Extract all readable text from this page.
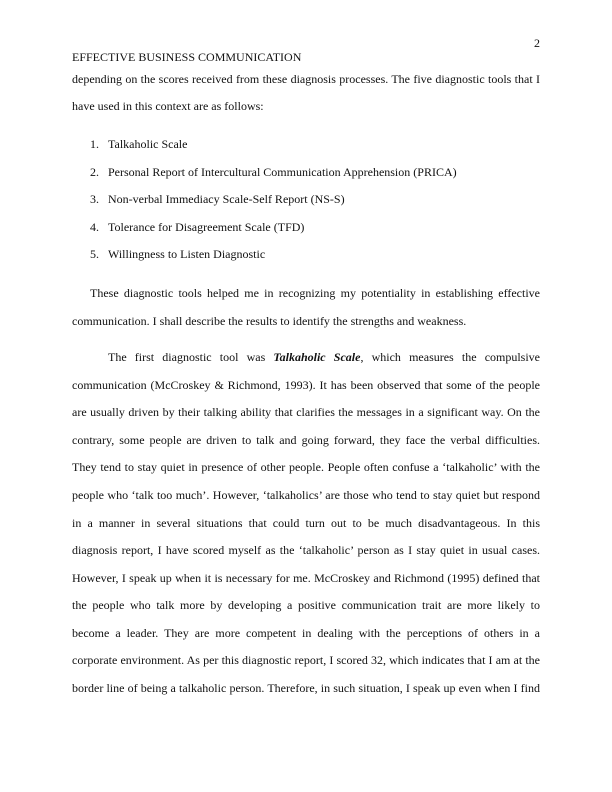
2
EFFECTIVE BUSINESS COMMUNICATION
depending on the scores received from these diagnosis processes. The five diagnostic tools that I
have used in this context are as follows:
1. Talkaholic Scale
2. Personal Report of Intercultural Communication Apprehension (PRICA)
3. Non-verbal Immediacy Scale-Self Report (NS-S)
4. Tolerance for Disagreement Scale (TFD)
5. Willingness to Listen Diagnostic
These diagnostic tools helped me in recognizing my potentiality in establishing effective
communication. I shall describe the results to identify the strengths and weakness.
The first diagnostic tool was Talkaholic Scale, which measures the compulsive
communication (McCroskey & Richmond, 1993). It has been observed that some of the people
are usually driven by their talking ability that clarifies the messages in a significant way. On the
contrary, some people are driven to talk and going forward, they face the verbal difficulties.
They tend to stay quiet in presence of other people. People often confuse a ‘talkaholic’ with the
people who ‘talk too much’. However, ‘talkaholics’ are those who tend to stay quiet but respond
in a manner in several situations that could turn out to be much disadvantageous. In this
diagnosis report, I have scored myself as the ‘talkaholic’ person as I stay quiet in usual cases.
However, I speak up when it is necessary for me. McCroskey and Richmond (1995) defined that
the people who talk more by developing a positive communication trait are more likely to
become a leader. They are more competent in dealing with the perceptions of others in a
corporate environment. As per this diagnostic report, I scored 32, which indicates that I am at the
border line of being a talkaholic person. Therefore, in such situation, I speak up even when I find
